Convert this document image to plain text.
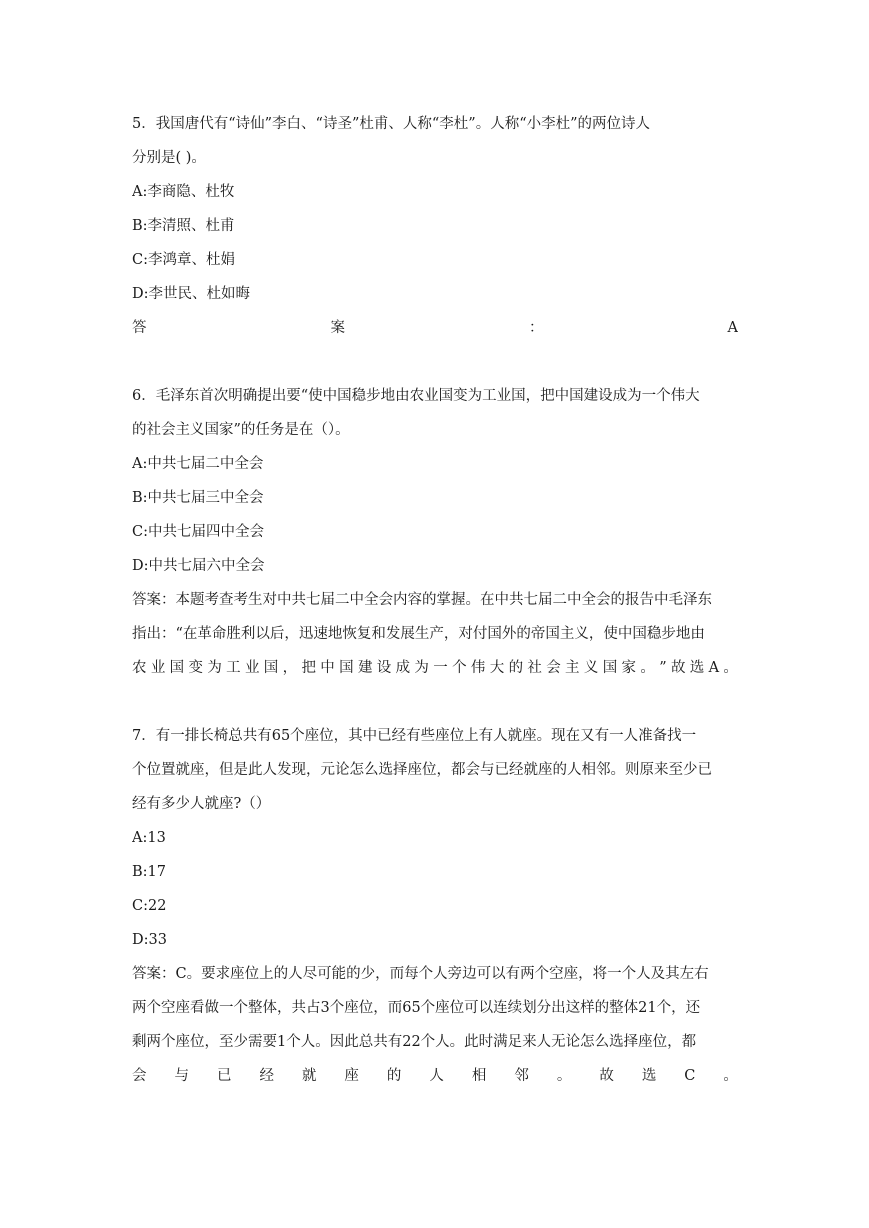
5．我国唐代有“诗仙”李白、“诗圣”杜甫、人称“李杜”。人称“小李杜”的两位诗人
分别是( )。
A:李商隐、杜牧
B:李清照、杜甫
C:李鸿章、杜娟
D:李世民、杜如晦
答	案	：	A
6．毛泽东首次明确提出要“使中国稳步地由农业国变为工业国，把中国建设成为一个伟大
的社会主义国家”的任务是在（）。
A:中共七届二中全会
B:中共七届三中全会
C:中共七届四中全会
D:中共七届六中全会
答案：本题考查考生对中共七届二中全会内容的掌握。在中共七届二中全会的报告中毛泽东
指出：“在革命胜利以后，迅速地恢复和发展生产，对付国外的帝国主义，使中国稳步地由
农 业 国 变 为 工 业 国 ， 把 中 国 建 设 成 为 一 个 伟 大 的 社 会 主 义 国 家 。 ” 故 选 A 。
7．有一排长椅总共有65个座位，其中已经有些座位上有人就座。现在又有一人准备找一
个位置就座，但是此人发现，元论怎么选择座位，都会与已经就座的人相邻。则原来至少已
经有多少人就座?（）
A:13
B:17
C:22
D:33
答案：C。要求座位上的人尽可能的少，而每个人旁边可以有两个空座，将一个人及其左右
两个空座看做一个整体，共占3个座位，而65个座位可以连续划分出这样的整体21个，还
剩两个座位，至少需要1个人。因此总共有22个人。此时满足来人无论怎么选择座位，都
会 与 已 经 就 座 的 人 相 邻 。 故 选 C 。
